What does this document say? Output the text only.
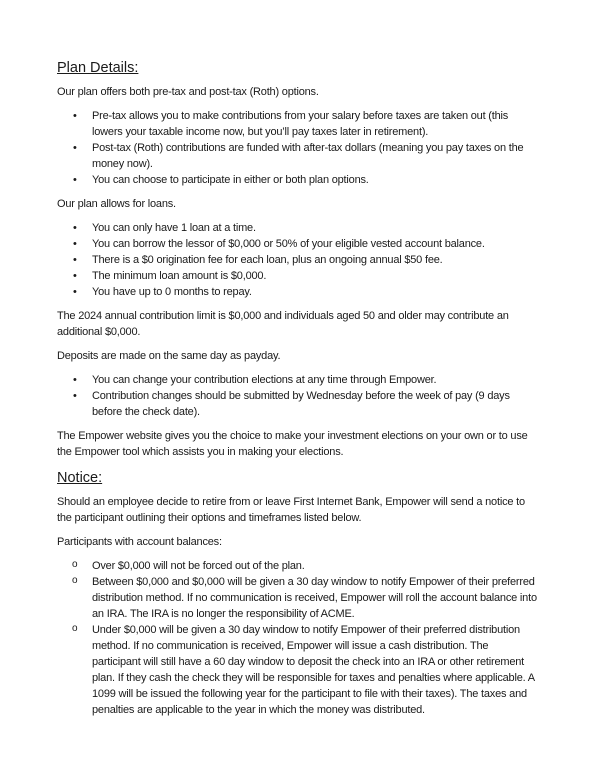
Plan Details:

Our plan offers both pre-tax and post-tax (Roth) options.

• Pre-tax allows you to make contributions from your salary before taxes are taken out (this lowers your taxable income now, but you’ll pay taxes later in retirement).
• Post-tax (Roth) contributions are funded with after-tax dollars (meaning you pay taxes on the money now).
• You can choose to participate in either or both plan options.

Our plan allows for loans.

• You can only have 1 loan at a time.
• You can borrow the lessor of $0,000 or 50% of your eligible vested account balance.
• There is a $0 origination fee for each loan, plus an ongoing annual $50 fee.
• The minimum loan amount is $0,000.
• You have up to 0 months to repay.

The 2024 annual contribution limit is $0,000 and individuals aged 50 and older may contribute an additional $0,000.

Deposits are made on the same day as payday.

• You can change your contribution elections at any time through Empower.
• Contribution changes should be submitted by Wednesday before the week of pay (9 days before the check date).

The Empower website gives you the choice to make your investment elections on your own or to use the Empower tool which assists you in making your elections.

Notice:

Should an employee decide to retire from or leave First Internet Bank, Empower will send a notice to the participant outlining their options and timeframes listed below.

Participants with account balances:

o Over $0,000 will not be forced out of the plan.
o Between $0,000 and $0,000 will be given a 30 day window to notify Empower of their preferred distribution method. If no communication is received, Empower will roll the account balance into an IRA. The IRA is no longer the responsibility of ACME.
o Under $0,000 will be given a 30 day window to notify Empower of their preferred distribution method. If no communication is received, Empower will issue a cash distribution. The participant will still have a 60 day window to deposit the check into an IRA or other retirement plan. If they cash the check they will be responsible for taxes and penalties where applicable. A 1099 will be issued the following year for the participant to file with their taxes). The taxes and penalties are applicable to the year in which the money was distributed.
